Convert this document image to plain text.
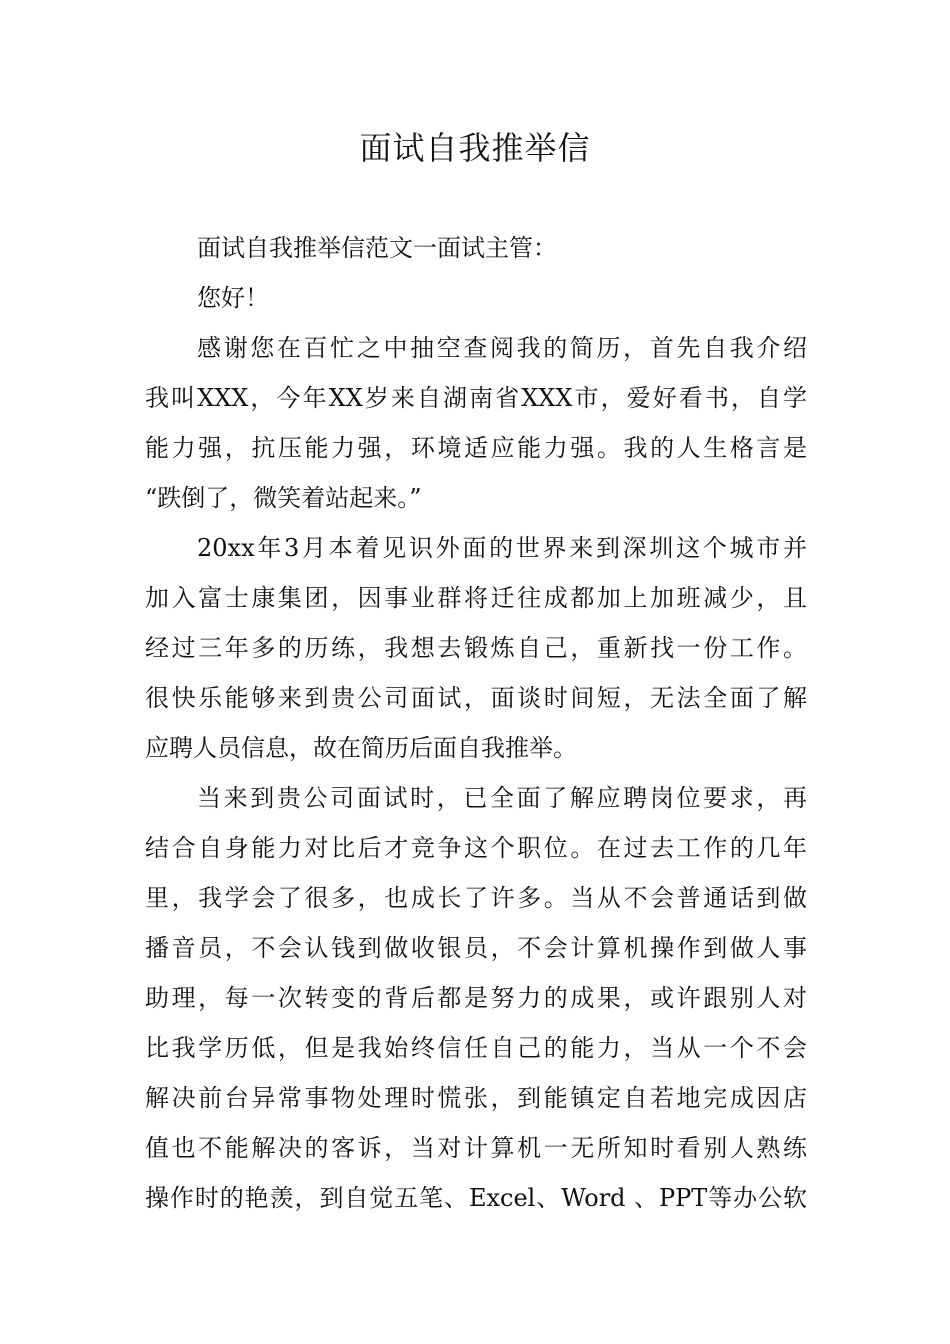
面试自我推举信
面试自我推举信范文一面试主管：
您好！
感谢您在百忙之中抽空查阅我的简历，首先自我介绍
我叫XXX，今年XX岁来自湖南省XXX市，爱好看书，自学
能力强，抗压能力强，环境适应能力强。我的人生格言是
“跌倒了，微笑着站起来。”
20xx年3月本着见识外面的世界来到深圳这个城市并
加入富士康集团，因事业群将迁往成都加上加班减少，且
经过三年多的历练，我想去锻炼自己，重新找一份工作。
很快乐能够来到贵公司面试，面谈时间短，无法全面了解
应聘人员信息，故在简历后面自我推举。
当来到贵公司面试时，已全面了解应聘岗位要求，再
结合自身能力对比后才竞争这个职位。在过去工作的几年
里，我学会了很多，也成长了许多。当从不会普通话到做
播音员，不会认钱到做收银员，不会计算机操作到做人事
助理，每一次转变的背后都是努力的成果，或许跟别人对
比我学历低，但是我始终信任自己的能力，当从一个不会
解决前台异常事物处理时慌张，到能镇定自若地完成因店
值也不能解决的客诉，当对计算机一无所知时看别人熟练
操作时的艳羡，到自觉五笔、Excel、Word 、PPT等办公软
